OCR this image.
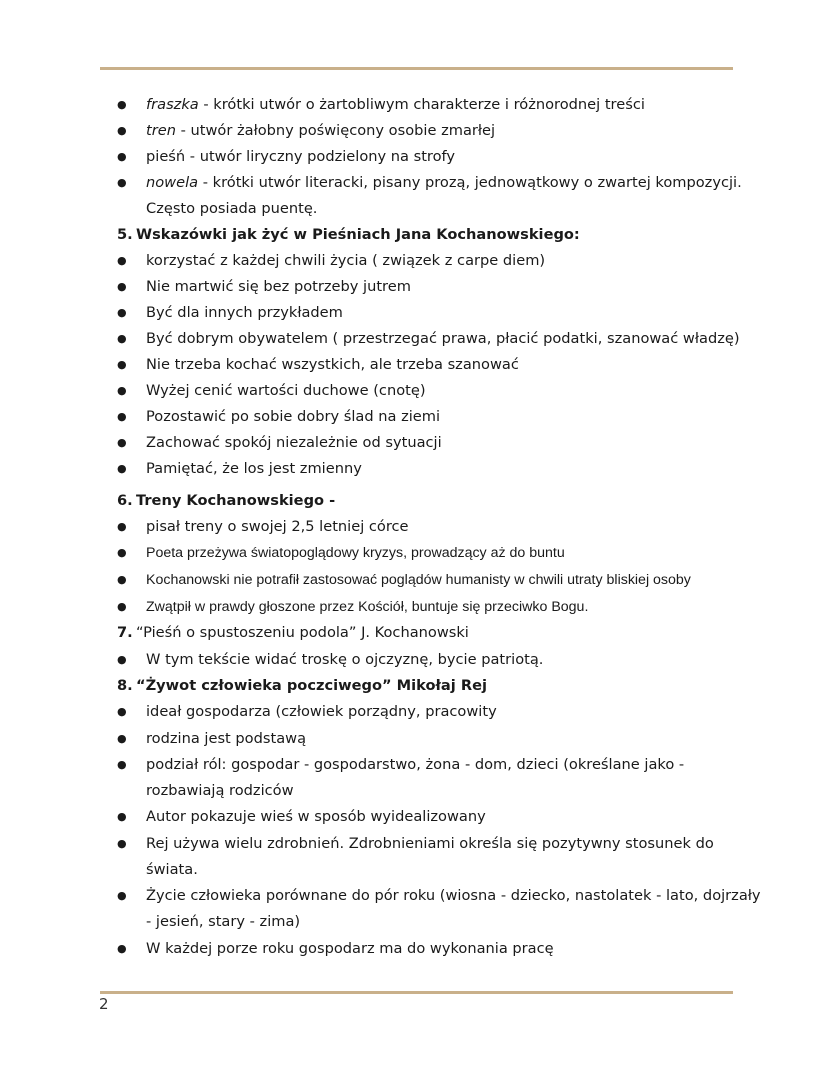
● fraszka - krótki utwór o żartobliwym charakterze i różnorodnej treści
● tren - utwór żałobny poświęcony osobie zmarłej
● pieśń - utwór liryczny podzielony na strofy
● nowela - krótki utwór literacki, pisany prozą, jednowątkowy o zwartej kompozycji.
Często posiada puentę.
5. Wskazówki jak żyć w Pieśniach Jana Kochanowskiego:
● korzystać z każdej chwili życia ( związek z carpe diem)
● Nie martwić się bez potrzeby jutrem
● Być dla innych przykładem
● Być dobrym obywatelem ( przestrzegać prawa, płacić podatki, szanować władzę)
● Nie trzeba kochać wszystkich, ale trzeba szanować
● Wyżej cenić wartości duchowe (cnotę)
● Pozostawić po sobie dobry ślad na ziemi
● Zachować spokój niezależnie od sytuacji
● Pamiętać, że los jest zmienny
6. Treny Kochanowskiego -
● pisał treny o swojej 2,5 letniej córce
● Poeta przeżywa światopoglądowy kryzys, prowadzący aż do buntu
● Kochanowski nie potrafił zastosować poglądów humanisty w chwili utraty bliskiej osoby
● Zwątpił w prawdy głoszone przez Kościół, buntuje się przeciwko Bogu.
7. “Pieśń o spustoszeniu podola” J. Kochanowski
● W tym tekście widać troskę o ojczyznę, bycie patriotą.
8. “Żywot człowieka poczciwego” Mikołaj Rej
● ideał gospodarza (człowiek porządny, pracowity
● rodzina jest podstawą
● podział ról: gospodar - gospodarstwo, żona - dom, dzieci (określane jako -
rozbawiają rodziców
● Autor pokazuje wieś w sposób wyidealizowany
● Rej używa wielu zdrobnień. Zdrobnieniami określa się pozytywny stosunek do
świata.
● Życie człowieka porównane do pór roku (wiosna - dziecko, nastolatek - lato, dojrzały
- jesień, stary - zima)
● W każdej porze roku gospodarz ma do wykonania pracę
2
